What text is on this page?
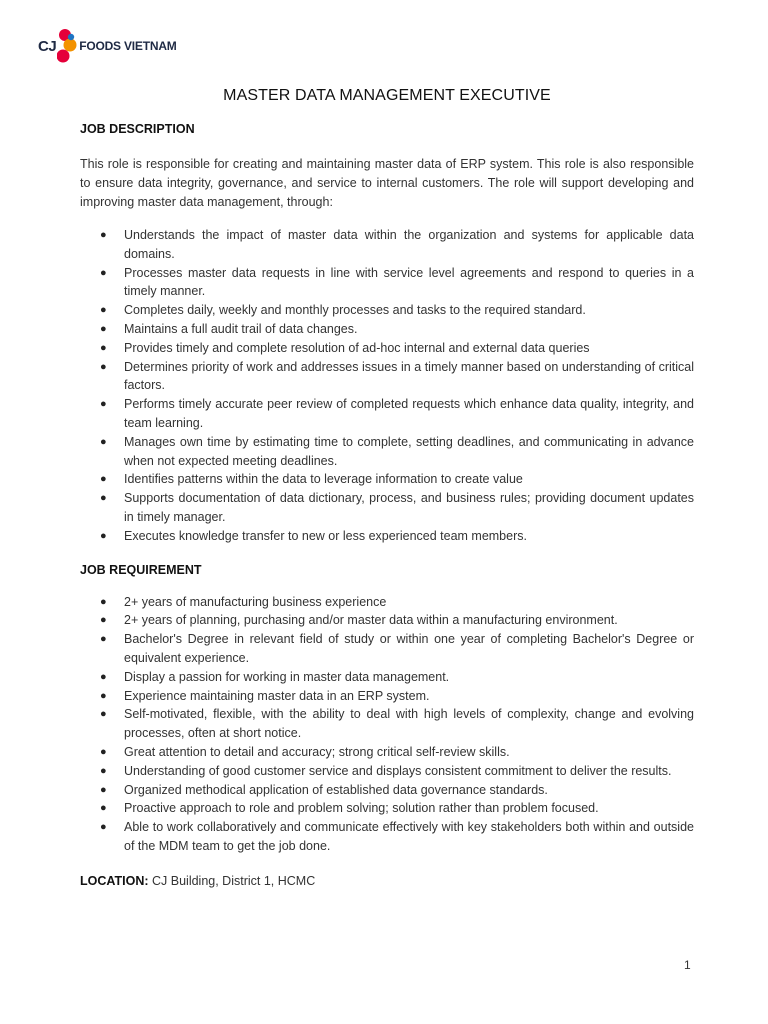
CJ FOODS VIETNAM
MASTER DATA MANAGEMENT EXECUTIVE
JOB DESCRIPTION

This role is responsible for creating and maintaining master data of ERP system. This role is also responsible to ensure data integrity, governance, and service to internal customers. The role will support developing and improving master data management, through:

● Understands the impact of master data within the organization and systems for applicable data domains.
● Processes master data requests in line with service level agreements and respond to queries in a timely manner.
● Completes daily, weekly and monthly processes and tasks to the required standard.
● Maintains a full audit trail of data changes.
● Provides timely and complete resolution of ad-hoc internal and external data queries
● Determines priority of work and addresses issues in a timely manner based on understanding of critical factors.
● Performs timely accurate peer review of completed requests which enhance data quality, integrity, and team learning.
● Manages own time by estimating time to complete, setting deadlines, and communicating in advance when not expected meeting deadlines.
● Identifies patterns within the data to leverage information to create value
● Supports documentation of data dictionary, process, and business rules; providing document updates in timely manager.
● Executes knowledge transfer to new or less experienced team members.
JOB REQUIREMENT
● 2+ years of manufacturing business experience
● 2+ years of planning, purchasing and/or master data within a manufacturing environment.
● Bachelor's Degree in relevant field of study or within one year of completing Bachelor's Degree or equivalent experience.
● Display a passion for working in master data management.
● Experience maintaining master data in an ERP system.
● Self-motivated, flexible, with the ability to deal with high levels of complexity, change and evolving processes, often at short notice.
● Great attention to detail and accuracy; strong critical self-review skills.
● Understanding of good customer service and displays consistent commitment to deliver the results.
● Organized methodical application of established data governance standards.
● Proactive approach to role and problem solving; solution rather than problem focused.
● Able to work collaboratively and communicate effectively with key stakeholders both within and outside of the MDM team to get the job done.

LOCATION: CJ Building, District 1, HCMC

1
